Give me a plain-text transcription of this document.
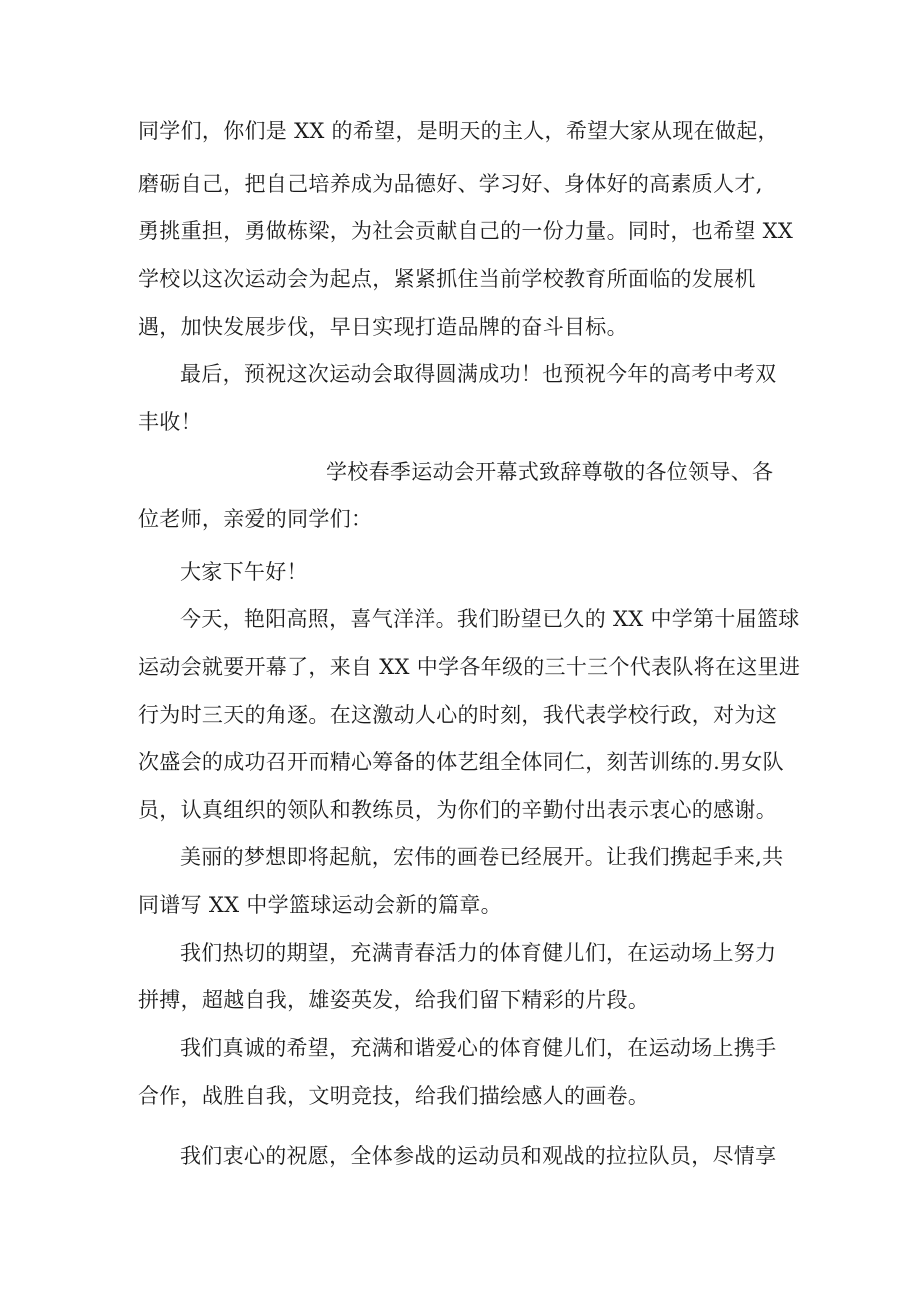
同学们，你们是 XX 的希望，是明天的主人，希望大家从现在做起，
磨砺自己，把自己培养成为品德好、学习好、身体好的高素质人才,
勇挑重担，勇做栋梁，为社会贡献自己的一份力量。同时，也希望 XX
学校以这次运动会为起点，紧紧抓住当前学校教育所面临的发展机
遇，加快发展步伐，早日实现打造品牌的奋斗目标。
最后，预祝这次运动会取得圆满成功！也预祝今年的高考中考双
丰收！
学校春季运动会开幕式致辞尊敬的各位领导、各
位老师，亲爱的同学们：
大家下午好！
今天，艳阳高照，喜气洋洋。我们盼望已久的 XX 中学第十届篮球
运动会就要开幕了，来自 XX 中学各年级的三十三个代表队将在这里进
行为时三天的角逐。在这激动人心的时刻，我代表学校行政，对为这
次盛会的成功召开而精心筹备的体艺组全体同仁，刻苦训练的.男女队
员，认真组织的领队和教练员，为你们的辛勤付出表示衷心的感谢。
美丽的梦想即将起航，宏伟的画卷已经展开。让我们携起手来,共
同谱写 XX 中学篮球运动会新的篇章。
我们热切的期望，充满青春活力的体育健儿们，在运动场上努力
拼搏，超越自我，雄姿英发，给我们留下精彩的片段。
我们真诚的希望，充满和谐爱心的体育健儿们，在运动场上携手
合作，战胜自我，文明竞技，给我们描绘感人的画卷。
我们衷心的祝愿，全体参战的运动员和观战的拉拉队员，尽情享
